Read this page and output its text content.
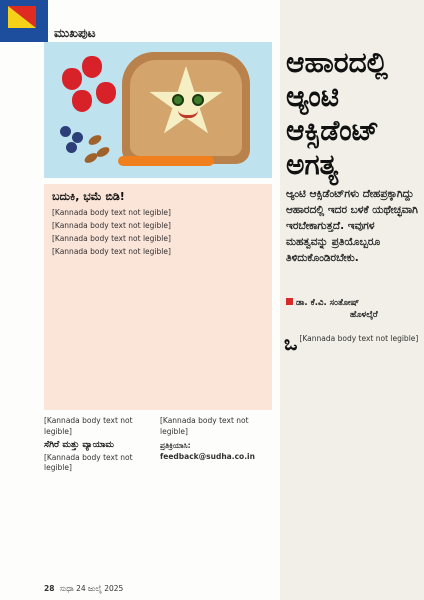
ಮುಖಪುಟ
ಬದುಕಿ, ಭಮೆ ಬಿಡಿ!

[Kannada body text not legible]

[Kannada body text not legible]

[Kannada body text not legible]

[Kannada body text not legible]

[Kannada body text not legible]

ಸೆಗಿರೆ ಮತ್ತು ವ್ಯಾಯಾಮ

[Kannada body text not legible]

[Kannada body text not legible]

ಪ್ರತಿಕ್ರಿಯಾಸಿ: feedback@sudha.co.in

ಆಹಾರದಲ್ಲಿ ಆ್ಯಂಟಿ ಆಕ್ಸಿಡೆಂಟ್ ಅಗತ್ಯ
ಆ್ಯಂಟಿ ಆಕ್ಸಿಡೆಂಟ್‌ಗಳು ದೇಹಪ್ರಕ್ಕಾಗಿದ್ದು ಆಹಾರದಲ್ಲಿ ಇದರ ಬಳಕೆ ಯಥೇಚ್ಛವಾಗಿ ಇರಬೇಕಾಗುತ್ತದೆ. ಇವುಗಳ ಮಹತ್ವವನ್ನು ಪ್ರತಿಯೊಬ್ಬರೂ ತಿಳಿದುಕೊಂಡಿರಬೇಕು.
ಡಾ. ಕೆ.ವಿ. ಸಂತೋಷ್
ಹೊಳಲ್ಕೆರೆ
ಒ [Kannada body text not legible]
28 ಸುಧಾ 24 ಜುಲೈ 2025
